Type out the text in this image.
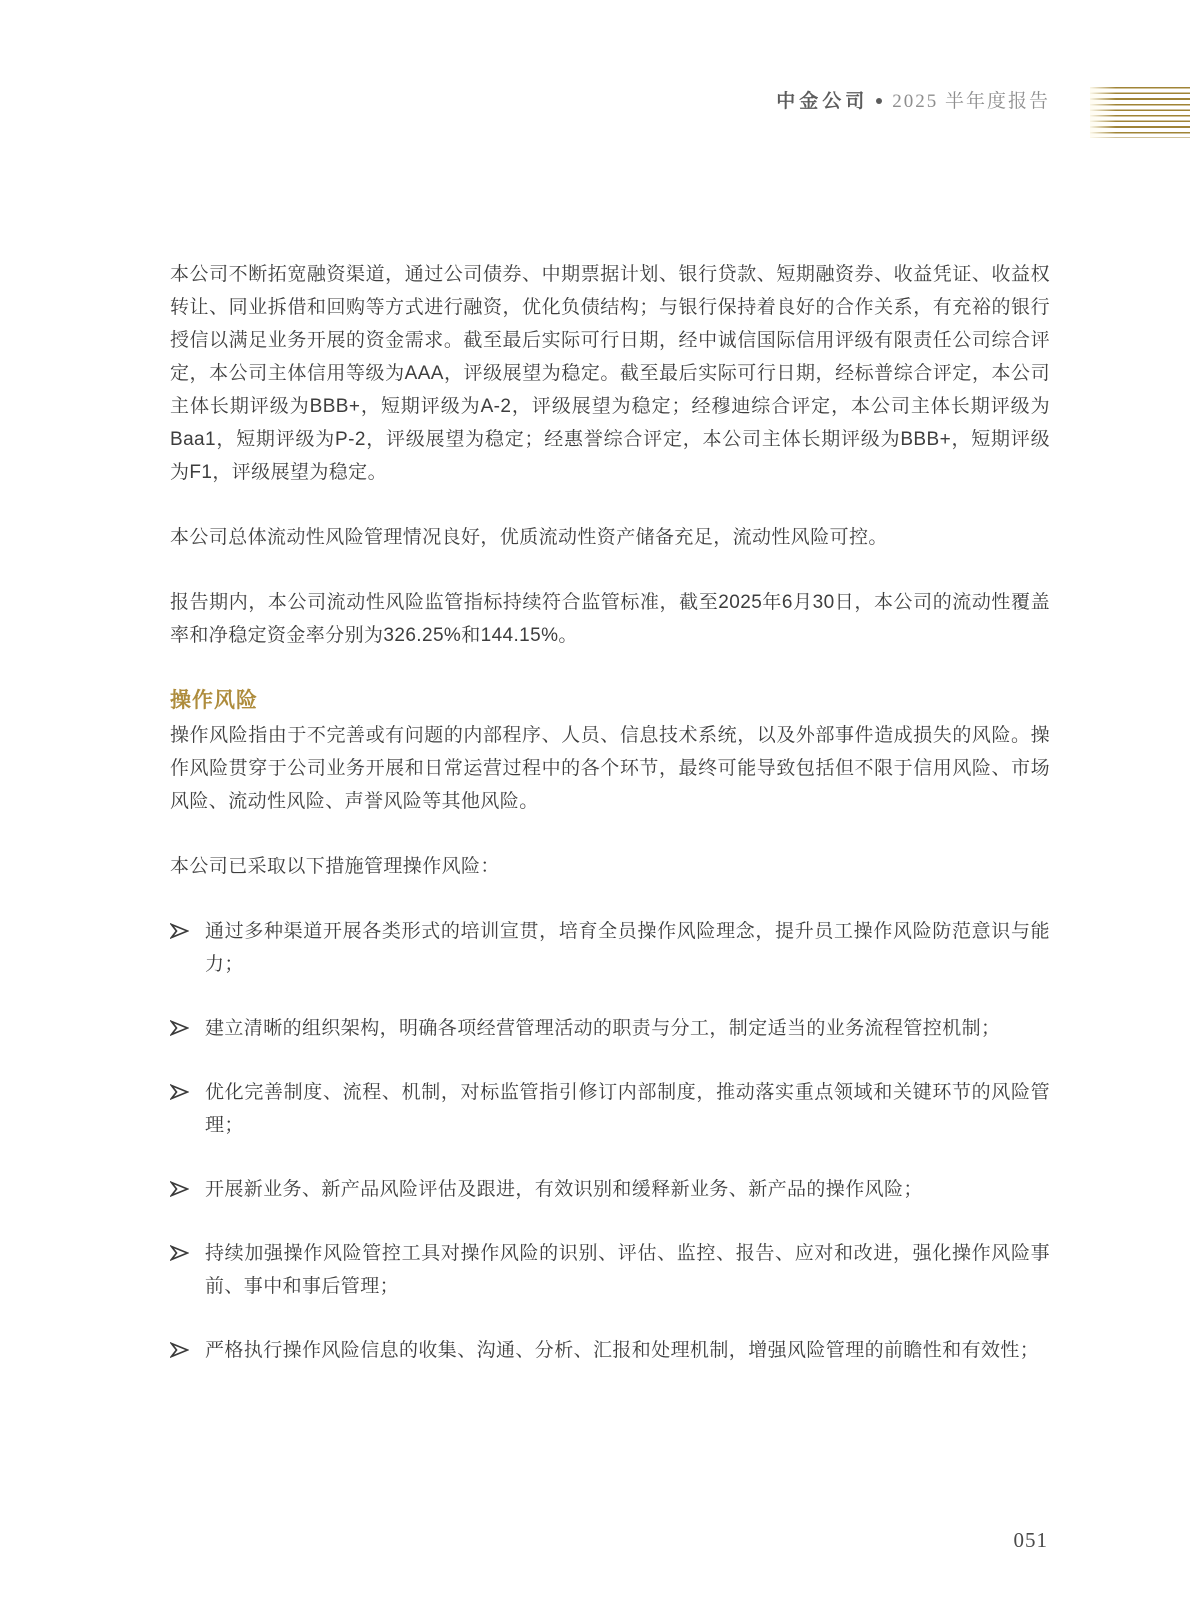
中金公司 2025 半年度报告

本公司不断拓宽融资渠道，通过公司债券、中期票据计划、银行贷款、短期融资券、收益凭证、收益权转让、同业拆借和回购等方式进行融资，优化负债结构；与银行保持着良好的合作关系，有充裕的银行授信以满足业务开展的资金需求。截至最后实际可行日期，经中诚信国际信用评级有限责任公司综合评定，本公司主体信用等级为AAA，评级展望为稳定。截至最后实际可行日期，经标普综合评定，本公司主体长期评级为BBB+，短期评级为A-2，评级展望为稳定；经穆迪综合评定，本公司主体长期评级为Baa1，短期评级为P-2，评级展望为稳定；经惠誉综合评定，本公司主体长期评级为BBB+，短期评级为F1，评级展望为稳定。

本公司总体流动性风险管理情况良好，优质流动性资产储备充足，流动性风险可控。

报告期内，本公司流动性风险监管指标持续符合监管标准，截至2025年6月30日，本公司的流动性覆盖率和净稳定资金率分别为326.25%和144.15%。

操作风险

操作风险指由于不完善或有问题的内部程序、人员、信息技术系统，以及外部事件造成损失的风险。操作风险贯穿于公司业务开展和日常运营过程中的各个环节，最终可能导致包括但不限于信用风险、市场风险、流动性风险、声誉风险等其他风险。

本公司已采取以下措施管理操作风险：

通过多种渠道开展各类形式的培训宣贯，培育全员操作风险理念，提升员工操作风险防范意识与能力；
建立清晰的组织架构，明确各项经营管理活动的职责与分工，制定适当的业务流程管控机制；
优化完善制度、流程、机制，对标监管指引修订内部制度，推动落实重点领域和关键环节的风险管理；
开展新业务、新产品风险评估及跟进，有效识别和缓释新业务、新产品的操作风险；
持续加强操作风险管控工具对操作风险的识别、评估、监控、报告、应对和改进，强化操作风险事前、事中和事后管理；
严格执行操作风险信息的收集、沟通、分析、汇报和处理机制，增强风险管理的前瞻性和有效性；
051
